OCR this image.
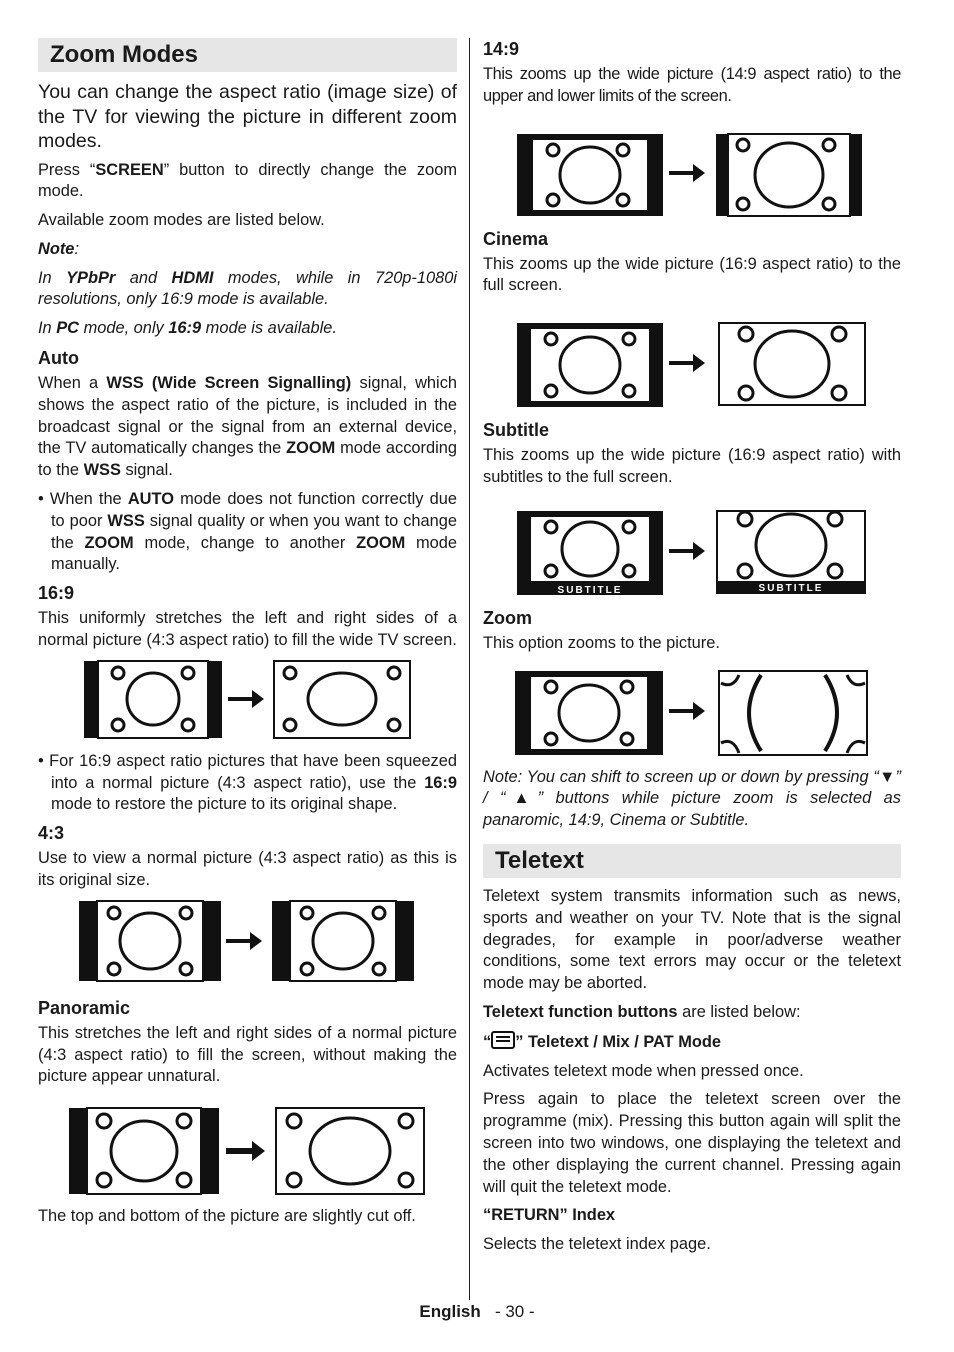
Zoom Modes
You can change the aspect ratio (image size) of the TV for viewing the picture in different zoom modes.

Press “SCREEN” button to directly change the zoom mode.

Available zoom modes are listed below.

Note:

In YPbPr and HDMI modes, while in 720p-1080i resolutions, only 16:9 mode is available.

In PC mode, only 16:9 mode is available.

Auto

When a WSS (Wide Screen Signalling) signal, which shows the aspect ratio of the picture, is included in the broadcast signal or the signal from an external device, the TV automatically changes the ZOOM mode according to the WSS signal.

• When the AUTO mode does not function correctly due to poor WSS signal quality or when you want to change the ZOOM mode, change to another ZOOM mode manually.
16:9

This uniformly stretches the left and right sides of a normal picture (4:3 aspect ratio) to fill the wide TV screen.

• For 16:9 aspect ratio pictures that have been squeezed into a normal picture (4:3 aspect ratio), use the 16:9 mode to restore the picture to its original shape.
4:3

Use to view a normal picture (4:3 aspect ratio) as this is its original size.

Panoramic

This stretches the left and right sides of a normal picture (4:3 aspect ratio) to fill the screen, without making the picture appear unnatural.

The top and bottom of the picture are slightly cut off.

14:9

This zooms up the wide picture (14:9 aspect ratio) to the upper and lower limits of the screen.

Cinema

This zooms up the wide picture (16:9 aspect ratio) to the full screen.

Subtitle

This zooms up the wide picture (16:9 aspect ratio) with subtitles to the full screen.

SUBTITLE	SUBTITLE
Zoom

This option zooms to the picture.

Note: You can shift to screen up or down by pressing “▼” / “▲” buttons while picture zoom is selected as panaromic, 14:9, Cinema or Subtitle.

Teletext

Teletext system transmits information such as news, sports and weather on your TV. Note that is the signal degrades, for example in poor/adverse weather conditions, some text errors may occur or the teletext mode may be aborted.

Teletext function buttons are listed below:

“ ” Teletext / Mix / PAT Mode

Activates teletext mode when pressed once.

Press again to place the teletext screen over the programme (mix). Pressing this button again will split the screen into two windows, one displaying the teletext and the other displaying the current channel. Pressing again will quit the teletext mode.

“RETURN” Index

Selects the teletext index page.

English - 30 -
